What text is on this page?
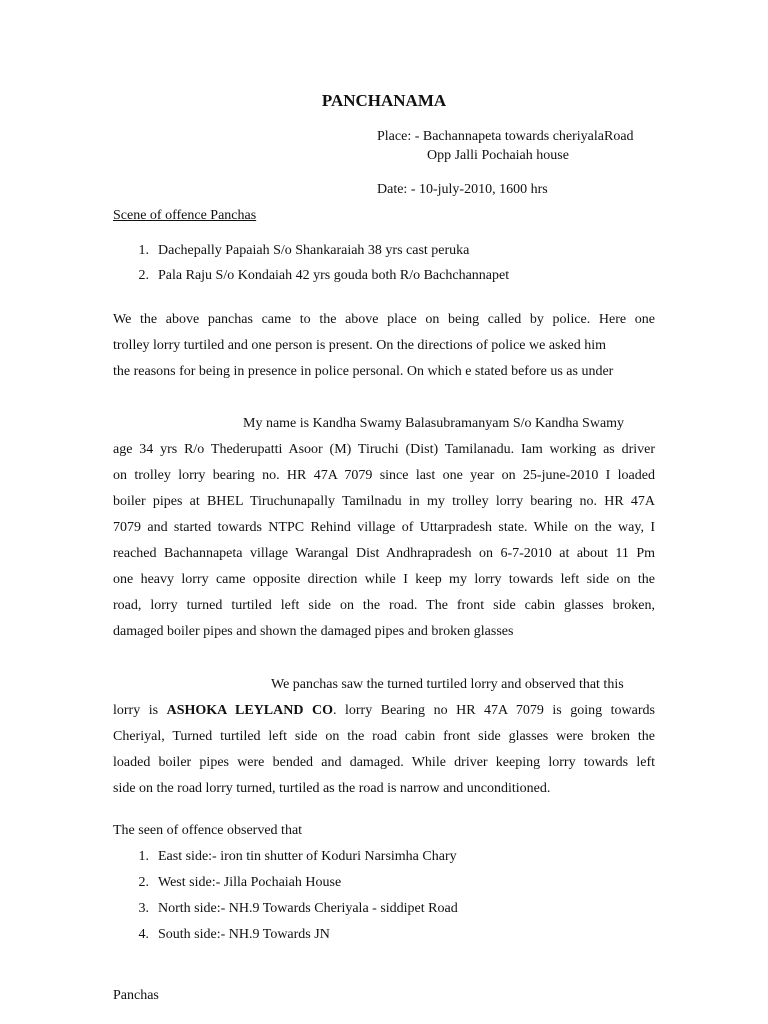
PANCHANAMA
Place: - Bachannapeta towards cheriyalaRoad
Opp Jalli Pochaiah house
Date: - 10-july-2010, 1600 hrs
Scene of offence Panchas
1. Dachepally Papaiah S/o Shankaraiah 38 yrs cast peruka
2. Pala Raju S/o Kondaiah 42 yrs gouda both R/o Bachchannapet
We the above panchas came to the above place on being called by police. Here one
trolley lorry turtiled and one person is present. On the directions of police we asked him
the reasons for being in presence in police personal. On which e stated before us as under
My name is Kandha Swamy Balasubramanyam S/o Kandha Swamy
age 34 yrs R/o Thederupatti Asoor (M) Tiruchi (Dist) Tamilanadu. Iam working as driver
on trolley lorry bearing no. HR 47A 7079 since last one year on 25-june-2010 I loaded
boiler pipes at BHEL Tiruchunapally Tamilnadu in my trolley lorry bearing no. HR 47A
7079 and started towards NTPC Rehind village of Uttarpradesh state. While on the way, I
reached Bachannapeta village Warangal Dist Andhrapradesh on 6-7-2010 at about 11 Pm
one heavy lorry came opposite direction while I keep my lorry towards left side on the
road, lorry turned turtiled left side on the road. The front side cabin glasses broken,
damaged boiler pipes and shown the damaged pipes and broken glasses
We panchas saw the turned turtiled lorry and observed that this
lorry is ASHOKA LEYLAND CO. lorry Bearing no HR 47A 7079 is going towards
Cheriyal, Turned turtiled left side on the road cabin front side glasses were broken the
loaded boiler pipes were bended and damaged. While driver keeping lorry towards left
side on the road lorry turned, turtiled as the road is narrow and unconditioned.
The seen of offence observed that
1. East side:- iron tin shutter of Koduri Narsimha Chary
2. West side:- Jilla Pochaiah House
3. North side:- NH.9 Towards Cheriyala - siddipet Road
4. South side:- NH.9 Towards JN
Panchas
